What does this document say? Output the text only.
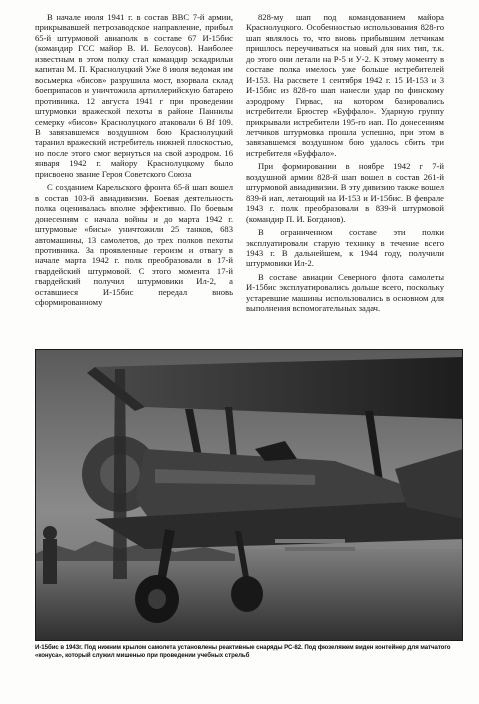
В начале июля 1941 г. в состав ВВС 7-й армии, прикрывавшей петрозаводское направление, прибыл 65-й штурмовой авиаполк в составе 67 И-15бис (командир ГСС майор В. И. Белоусов). Наиболее известным в этом полку стал командир эскадрильи капитан М. П. Краснолуцкий Уже 8 июля ведомая им восьмерка «бисов» разрушила мост, взорвала склад боеприпасов и уничтожила артиллерийскую батарею противника. 12 августа 1941 г при проведении штурмовки вражеской пехоты в районе Паннилы семерку «бисов» Краснолуцкого атаковали 6 Bf 109. В завязавшемся воздушном бою Краснолуцкий таранил вражеский истребитель нижней плоскостью, но после этого смог вернуться на свой аэродром. 16 января 1942 г. майору Краснолуцкому было присвоено звание Героя Советского Союза

С созданием Карельского фронта 65-й шап вошел в состав 103-й авиадивизии. Боевая деятельность полка оценивалась вполне эффективно. По боевым донесениям с начала войны и до марта 1942 г. штурмовые «бисы» уничтожили 25 танков, 683 автомашины, 13 самолетов, до трех полков пехоты противника. За проявленные героизм и отвагу в начале марта 1942 г. полк преобразовали в 17-й гвардейский штурмовой. С этого момента 17-й гвардейский получил штурмовики Ил-2, а оставшиеся И-15бис передал вновь сформированному

828-му шап под командованием майора Краснолуцкого. Особенностью использования 828-го шап являлось то, что вновь прибывшим летчикам пришлось переучиваться на новый для них тип, т.к. до этого они летали на Р-5 и У-2. К этому моменту в составе полка имелось уже больше истребителей И-153. На рассвете 1 сентября 1942 г. 15 И-153 и 3 И-15бис из 828-го шап нанесли удар по финскому аэродрому Гирвас, на котором базировались истребители Брюстер «Буффало». Ударную группу прикрывали истребители 195-го иап. По донесениям летчиков штурмовка прошла успешно, при этом в завязавшемся воздушном бою удалось сбить три истребителя «Буффало».

При формировании в ноябре 1942 г 7-й воздушной армии 828-й шап вошел в состав 261-й штурмовой авиадивизии. В эту дивизию также вошел 839-й иап, летающий на И-153 и И-15бис. В феврале 1943 г. полк преобразовали в 839-й штурмовой (командир П. И. Богданов).

В ограниченном составе эти полки эксплуатировали старую технику в течение всего 1943 г. В дальнейшем, к 1944 году, получили штурмовики Ил-2.

В составе авиации Северного флота самолеты И-15бис эксплуатировались дольше всего, поскольку устаревшие машины использовались в основном для выполнения вспомогательных задач.

И-15бис в 1943г. Под нижним крылом самолета установлены реактивные снаряды РС-82. Под фюзеляжем виден контейнер для матчатого «конуса», который служил мишенью при проведении учебных стрельб
